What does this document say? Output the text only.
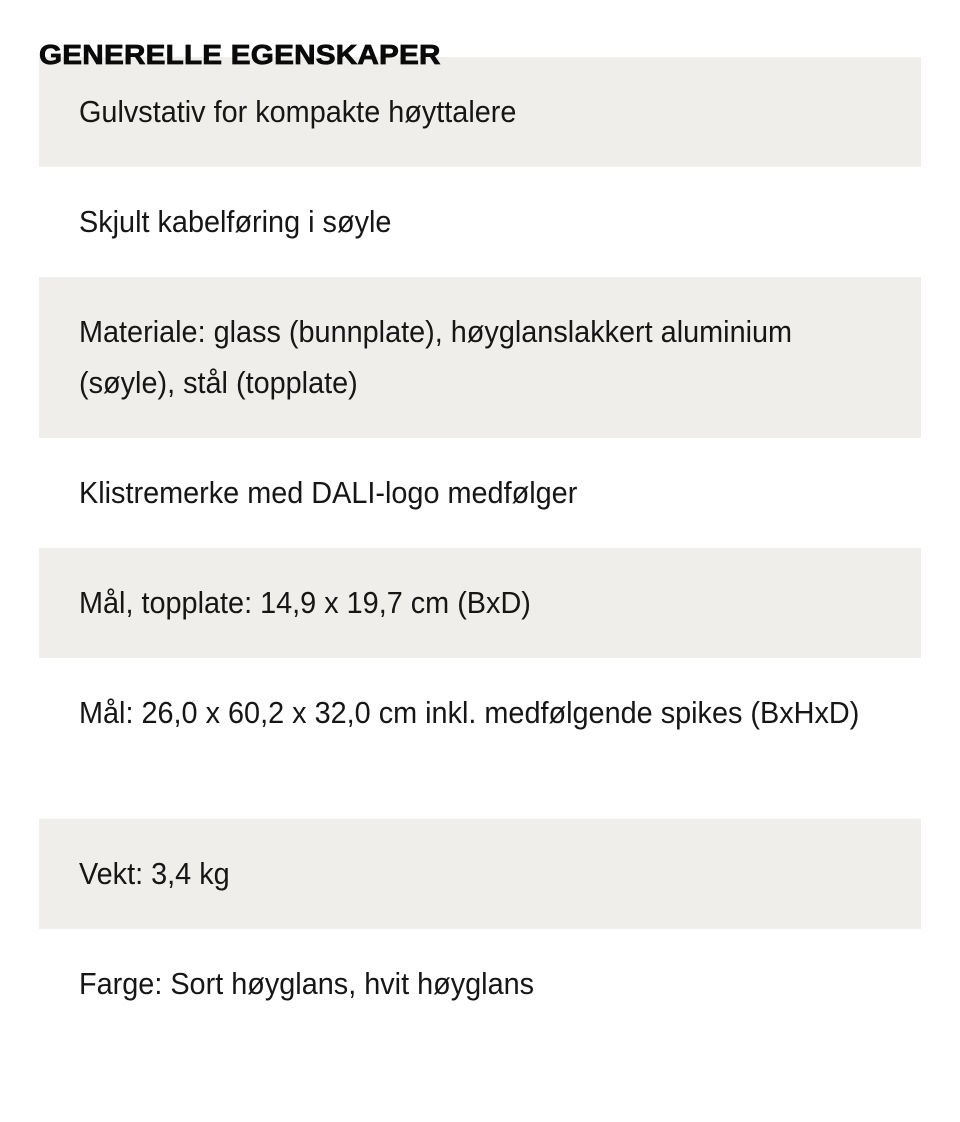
GENERELLE EGENSKAPER
Gulvstativ for kompakte høyttalere
Skjult kabelføring i søyle
Materiale: glass (bunnplate), høyglanslakkert aluminium (søyle), stål (topplate)
Klistremerke med DALI-logo medfølger
Mål, topplate: 14,9 x 19,7 cm (BxD)
Mål: 26,0 x 60,2 x 32,0 cm inkl. medfølgende spikes (BxHxD)
Vekt: 3,4 kg
Farge: Sort høyglans, hvit høyglans
